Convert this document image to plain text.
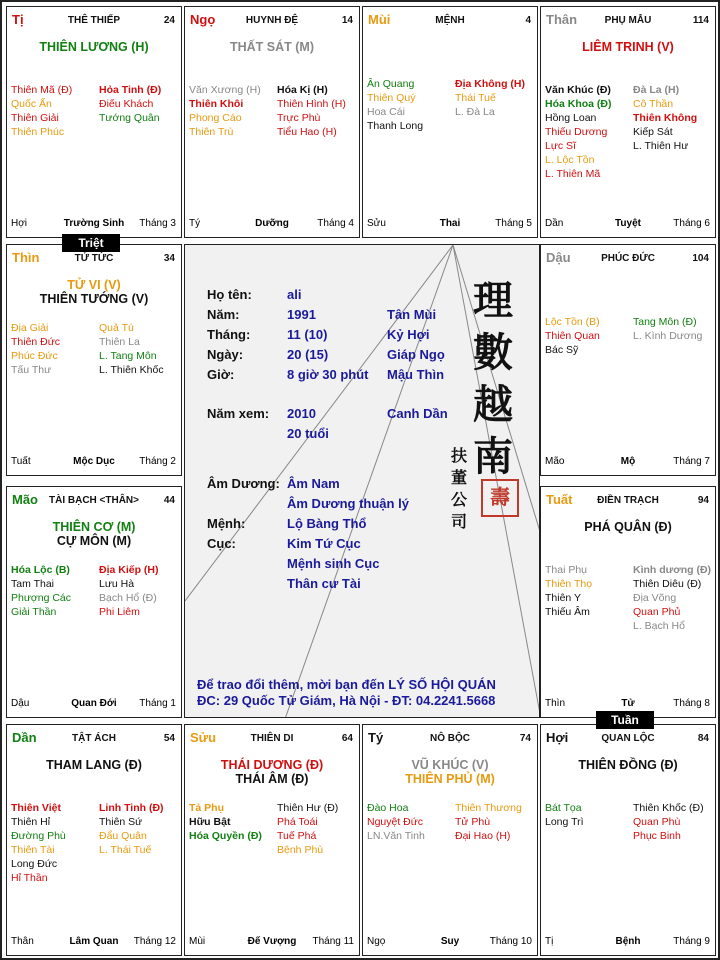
Tị	THÊ THIẾP	24
THIÊN LƯƠNG (H)
Thiên Mã (Đ)
Quốc Ấn
Thiên Giải
Thiên Phúc
Hỏa Tinh (Đ)
Điếu Khách
Tướng Quân
Hợi	Trường Sinh	Tháng 3
Ngọ	HUYNH ĐỆ	14
THẤT SÁT (M)
Văn Xương (H)
Thiên Khôi
Phong Cáo
Thiên Trù
Hóa Kị (H)
Thiên Hình (H)
Trực Phù
Tiểu Hao (H)
Tý	Dưỡng	Tháng 4
Mùi	MỆNH	4
Ân Quang
Thiên Quý
Hoa Cái
Thanh Long
Địa Không (H)
Thái Tuế
L. Đà La
Sửu	Thai	Tháng 5
Thân	PHỤ MẪU	114
LIÊM TRINH (V)
Văn Khúc (Đ)
Hóa Khoa (Đ)
Hồng Loan
Thiếu Dương
Lực Sĩ
L. Lộc Tồn
L. Thiên Mã
Đà La (H)
Cô Thần
Thiên Không
Kiếp Sát
L. Thiên Hư
Dần	Tuyệt	Tháng 6
Thìn	TỬ TỨC	34
TỬ VI (V)
THIÊN TƯỚNG (V)
Địa Giải
Thiên Đức
Phúc Đức
Tấu Thư
Quả Tú
Thiên La
L. Tang Môn
L. Thiên Khốc
Tuất	Mộc Dục	Tháng 2
Dậu	PHÚC ĐỨC	104
Lộc Tồn (B)
Thiên Quan
Bác Sỹ
Tang Môn (Đ)
L. Kình Dương
Mão	Mộ	Tháng 7
Mão	TÀI BẠCH <THÂN>	44
THIÊN CƠ (M)
CỰ MÔN (M)
Hóa Lộc (B)
Tam Thai
Phượng Các
Giải Thần
Địa Kiếp (H)
Lưu Hà
Bạch Hổ (Đ)
Phi Liêm
Dậu	Quan Đới	Tháng 1
Tuất	ĐIỀN TRẠCH	94
PHÁ QUÂN (Đ)
Thai Phụ
Thiên Thọ
Thiên Y
Thiếu Âm
Kình dương (Đ)
Thiên Diêu (Đ)
Địa Võng
Quan Phủ
L. Bạch Hổ
Thìn	Tử	Tháng 8
Dần	TẬT ÁCH	54
THAM LANG (Đ)
Thiên Việt
Thiên Hỉ
Đường Phù
Thiên Tài
Long Đức
Hỉ Thần
Linh Tinh (Đ)
Thiên Sứ
Đẩu Quân
L. Thái Tuế
Thân	Lâm Quan	Tháng 12
Sửu	THIÊN DI	64
THÁI DƯƠNG (Đ)
THÁI ÂM (Đ)
Tả Phụ
Hữu Bật
Hóa Quyền (Đ)
Thiên Hư (Đ)
Phá Toái
Tuế Phá
Bệnh Phù
Mùi	Đế Vượng	Tháng 11
Tý	NÔ BỘC	74
VŨ KHÚC (V)
THIÊN PHỦ (M)
Đào Hoa
Nguyệt Đức
LN.Văn Tinh
Thiên Thương
Tử Phù
Đại Hao (H)
Ngọ	Suy	Tháng 10
Hợi	QUAN LỘC	84
THIÊN ĐỒNG (Đ)
Bát Tọa
Long Trì
Thiên Khốc (Đ)
Quan Phù
Phục Binh
Tị	Bệnh	Tháng 9
Họ tên:	ali
Năm:	1991	Tân Mùi
Tháng:	11 (10)	Kỷ Hợi
Ngày:	20 (15)	Giáp Ngọ
Giờ:	8 giờ 30 phút Mậu Thìn
Năm xem: 2010	Canh Dần
20 tuổi
Âm Dương: Âm Nam
Âm Dương thuận lý
Mệnh:	Lộ Bàng Thổ
Cục:	Kim Tứ Cục
Mệnh sinh Cục
Thân cư Tài
Để trao đổi thêm, mời bạn đến LÝ SỐ HỘI QUÁN
ĐC: 29 Quốc Tử Giám, Hà Nội - ĐT: 04.2241.5668
理數越南
扶董公司
壽
Triệt
Tuần
